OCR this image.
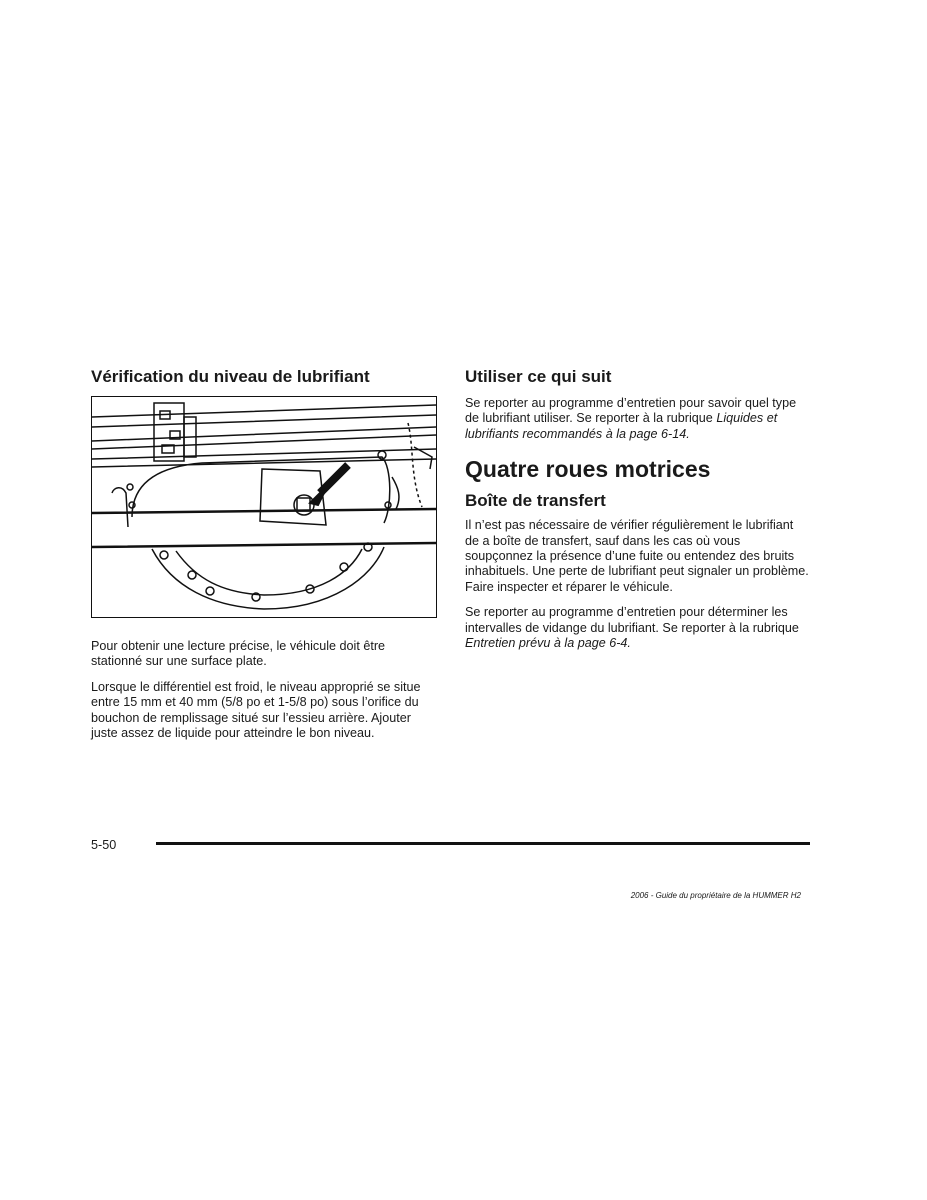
Vérification du niveau de lubrifiant

Pour obtenir une lecture précise, le véhicule doit être stationné sur une surface plate.

Lorsque le différentiel est froid, le niveau approprié se situe entre 15 mm et 40 mm (5/8 po et 1-5/8 po) sous l’orifice du bouchon de remplissage situé sur l’essieu arrière. Ajouter juste assez de liquide pour atteindre le bon niveau.

Utiliser ce qui suit

Se reporter au programme d’entretien pour savoir quel type de lubrifiant utiliser. Se reporter à la rubrique Liquides et lubrifiants recommandés à la page 6-14.

Quatre roues motrices
Boîte de transfert

Il n’est pas nécessaire de vérifier régulièrement le lubrifiant de a boîte de transfert, sauf dans les cas où vous soupçonnez la présence d’une fuite ou entendez des bruits inhabituels. Une perte de lubrifiant peut signaler un problème. Faire inspecter et réparer le véhicule.

Se reporter au programme d’entretien pour déterminer les intervalles de vidange du lubrifiant. Se reporter à la rubrique Entretien prévu à la page 6-4.

5-50
2006 - Guide du propriétaire de la HUMMER H2
